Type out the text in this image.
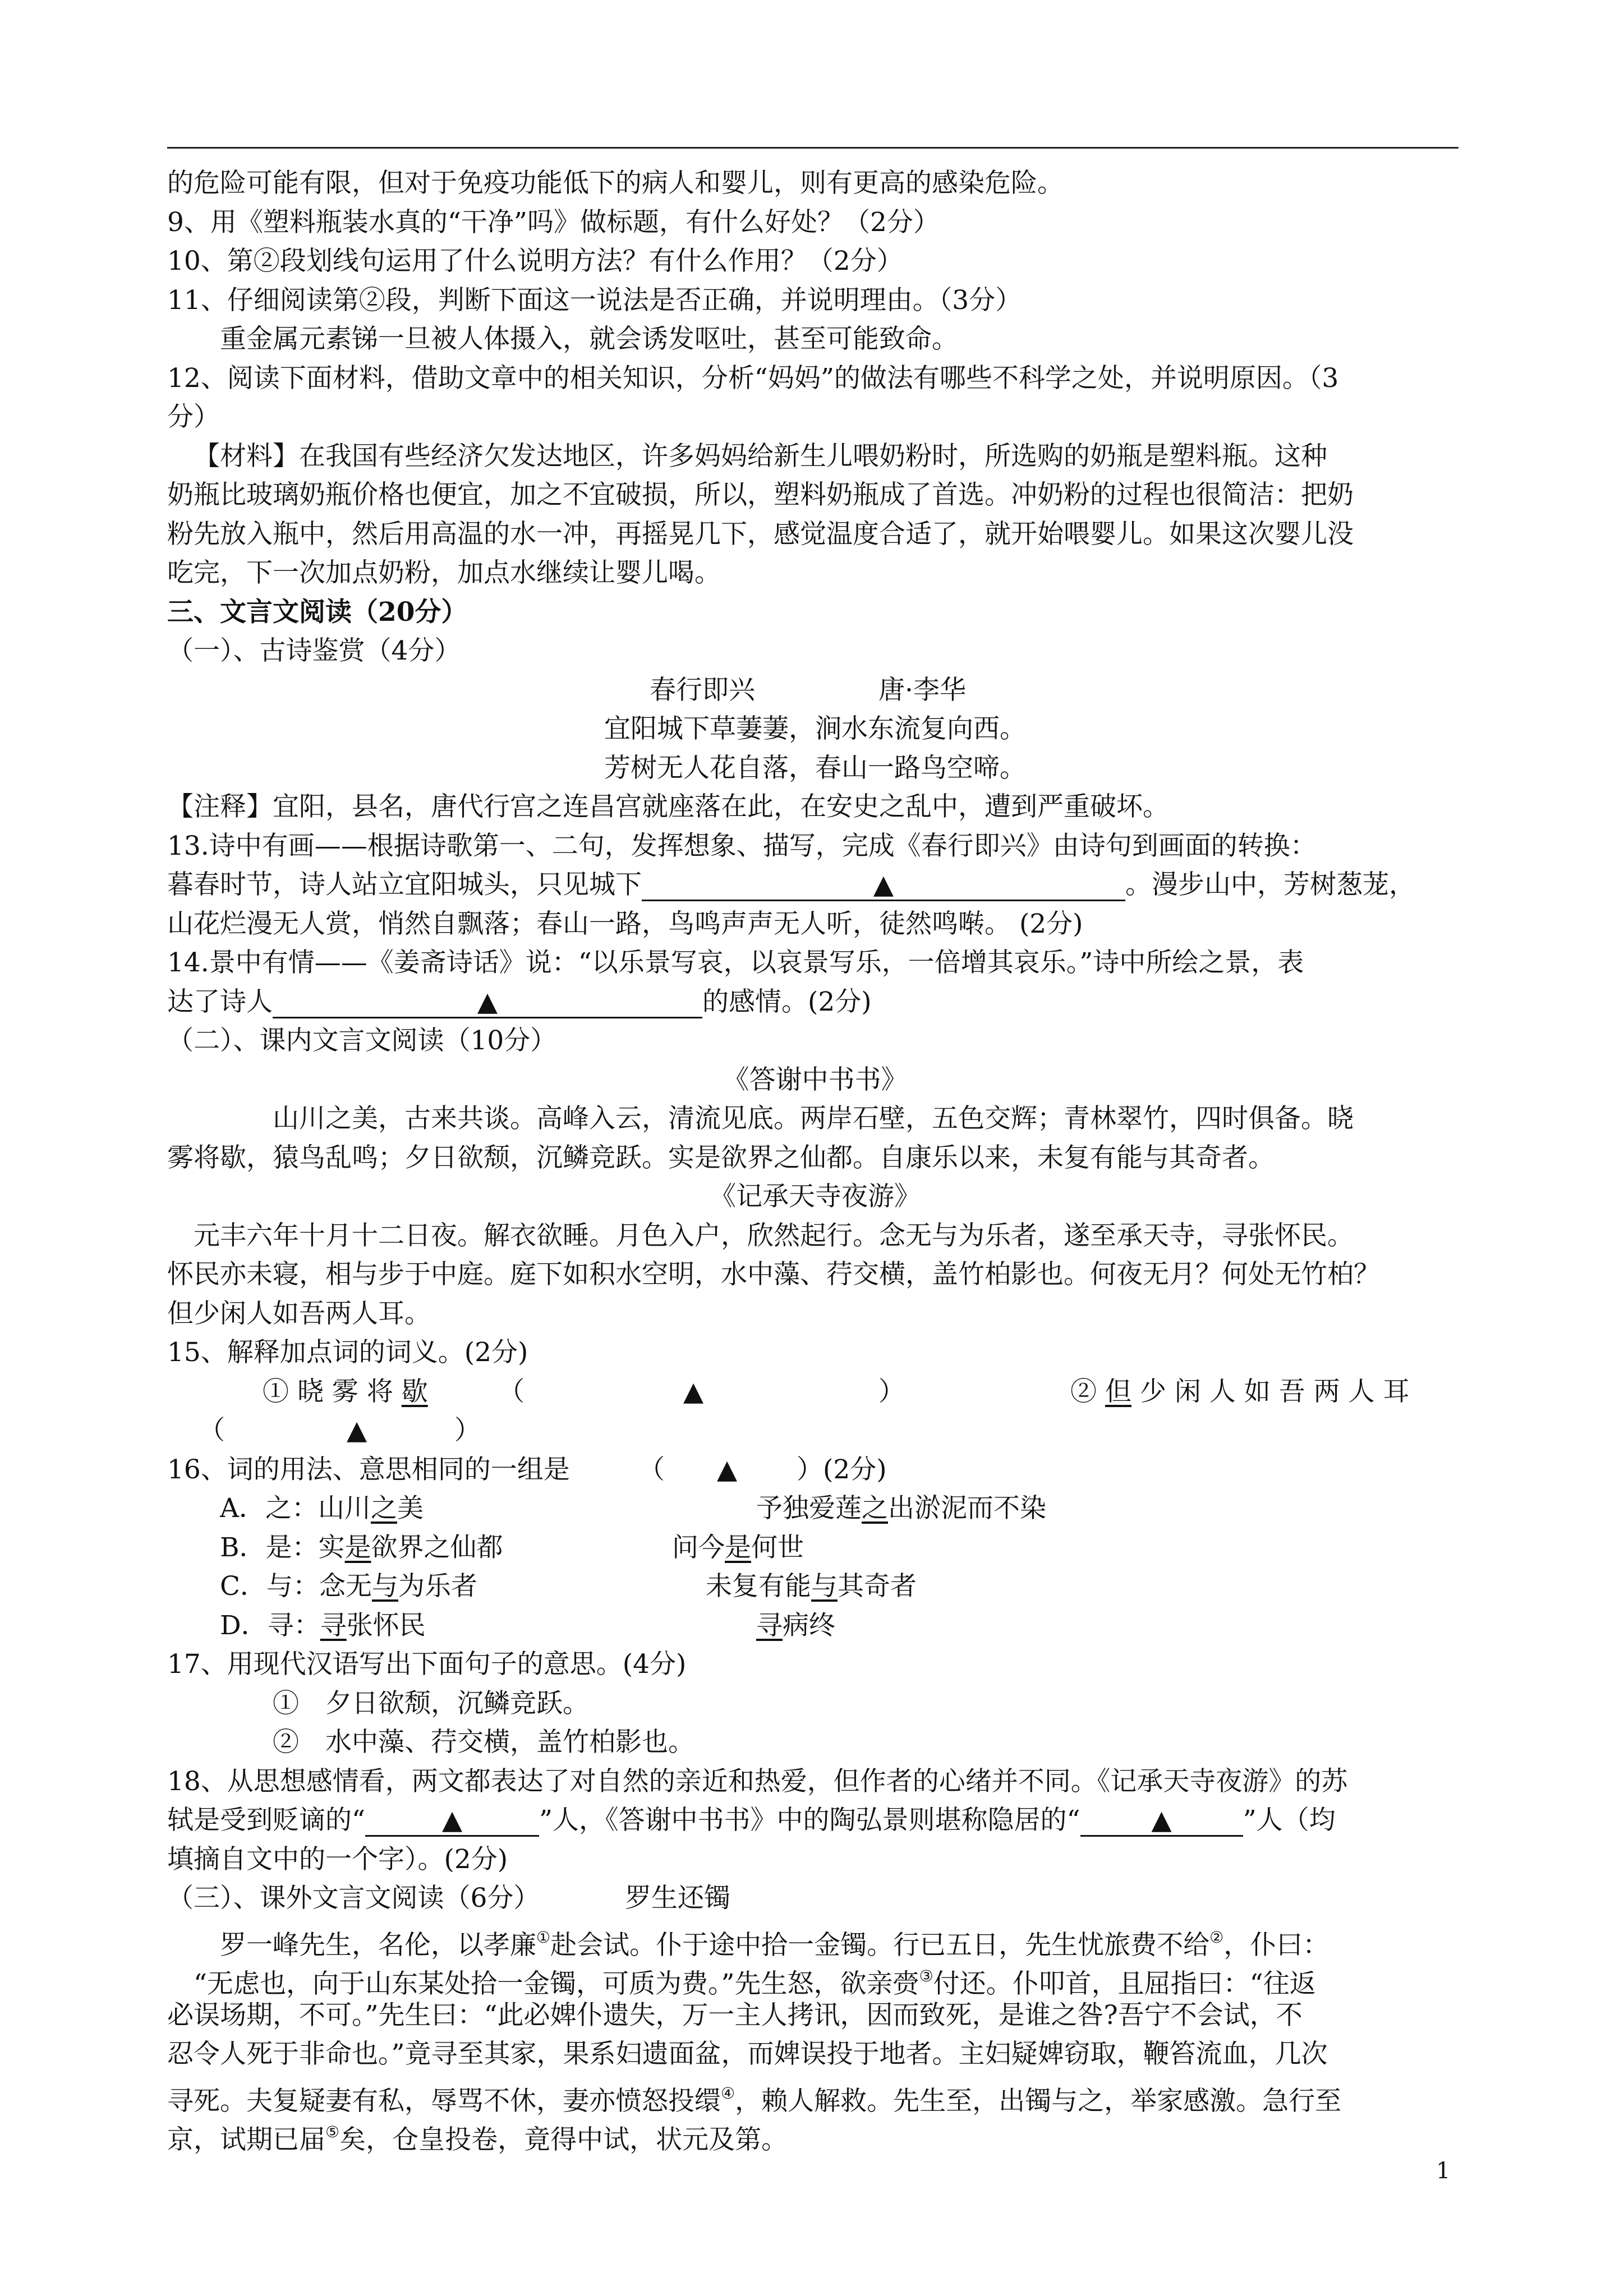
的危险可能有限，但对于免疫功能低下的病人和婴儿，则有更高的感染危险。
9、用《塑料瓶装水真的“干净”吗》做标题，有什么好处？（2分）
10、第②段划线句运用了什么说明方法？有什么作用？（2分）
11、仔细阅读第②段，判断下面这一说法是否正确，并说明理由。（3分）
重金属元素锑一旦被人体摄入，就会诱发呕吐，甚至可能致命。
12、阅读下面材料，借助文章中的相关知识，分析“妈妈”的做法有哪些不科学之处，并说明原因。（3
分）
【材料】在我国有些经济欠发达地区，许多妈妈给新生儿喂奶粉时，所选购的奶瓶是塑料瓶。这种
奶瓶比玻璃奶瓶价格也便宜，加之不宜破损，所以，塑料奶瓶成了首选。冲奶粉的过程也很简洁：把奶
粉先放入瓶中，然后用高温的水一冲，再摇晃几下，感觉温度合适了，就开始喂婴儿。如果这次婴儿没
吃完，下一次加点奶粉，加点水继续让婴儿喝。
三、文言文阅读（20分）
（一）、古诗鉴赏（4分）
春行即兴	唐·李华
宜阳城下草萋萋，涧水东流复向西。
芳树无人花自落，春山一路鸟空啼。
【注释】宜阳，县名，唐代行宫之连昌宫就座落在此，在安史之乱中，遭到严重破坏。
13.诗中有画——根据诗歌第一、二句，发挥想象、描写，完成《春行即兴》由诗句到画面的转换：
暮春时节，诗人站立宜阳城头，只见城下	▲	。漫步山中，芳树葱茏，
山花烂漫无人赏，悄然自飘落；春山一路，鸟鸣声声无人听，徒然鸣啭。 (2分)
14.景中有情——《姜斋诗话》说：“以乐景写哀，以哀景写乐，一倍增其哀乐。”诗中所绘之景，表
达了诗人	▲	的感情。(2分)
（二）、课内文言文阅读（10分）
《答谢中书书》
山川之美，古来共谈。高峰入云，清流见底。两岸石壁，五色交辉；青林翠竹，四时俱备。晓
雾将歇，猿鸟乱鸣；夕日欲颓，沉鳞竞跃。实是欲界之仙都。自康乐以来，未复有能与其奇者。
《记承天寺夜游》
元丰六年十月十二日夜。解衣欲睡。月色入户，欣然起行。念无与为乐者，遂至承天寺，寻张怀民。
怀民亦未寝，相与步于中庭。庭下如积水空明，水中藻、荇交横，盖竹柏影也。何夜无月？何处无竹柏？
但少闲人如吾两人耳。
15、解释加点词的词义。(2分)
① 晓 雾 将 歇	（	▲	）	② 但 少 闲 人 如 吾 两 人 耳
（	▲	）
16、词的用法、意思相同的一组是	（ ▲ ）(2分)
A．之：山川之美	予独爱莲之出淤泥而不染
B．是：实是欲界之仙都	问今是何世
C．与：念无与为乐者	未复有能与其奇者
D．寻：寻张怀民	寻病终
17、用现代汉语写出下面句子的意思。(4分)
①　夕日欲颓，沉鳞竞跃。
②　水中藻、荇交横，盖竹柏影也。
18、从思想感情看，两文都表达了对自然的亲近和热爱，但作者的心绪并不同。《记承天寺夜游》的苏
轼是受到贬谪的“	▲	”人，《答谢中书书》中的陶弘景则堪称隐居的“	▲	”人（均
填摘自文中的一个字）。(2分)
（三）、课外文言文阅读（6分）	罗生还镯
罗一峰先生，名伦，以孝廉①赴会试。仆于途中拾一金镯。行已五日，先生忧旅费不给②，仆曰：
“无虑也，向于山东某处拾一金镯，可质为费。”先生怒，欲亲赍③付还。仆叩首，且屈指曰：“往返
必误场期，不可。”先生曰：“此必婢仆遗失，万一主人拷讯，因而致死，是谁之咎?吾宁不会试，不
忍令人死于非命也。”竟寻至其家，果系妇遗面盆，而婢误投于地者。主妇疑婢窃取，鞭笞流血，几次
寻死。夫复疑妻有私，辱骂不休，妻亦愤怒投缳④，赖人解救。先生至，出镯与之，举家感激。急行至
京，试期已届⑤矣，仓皇投卷，竟得中试，状元及第。
1
